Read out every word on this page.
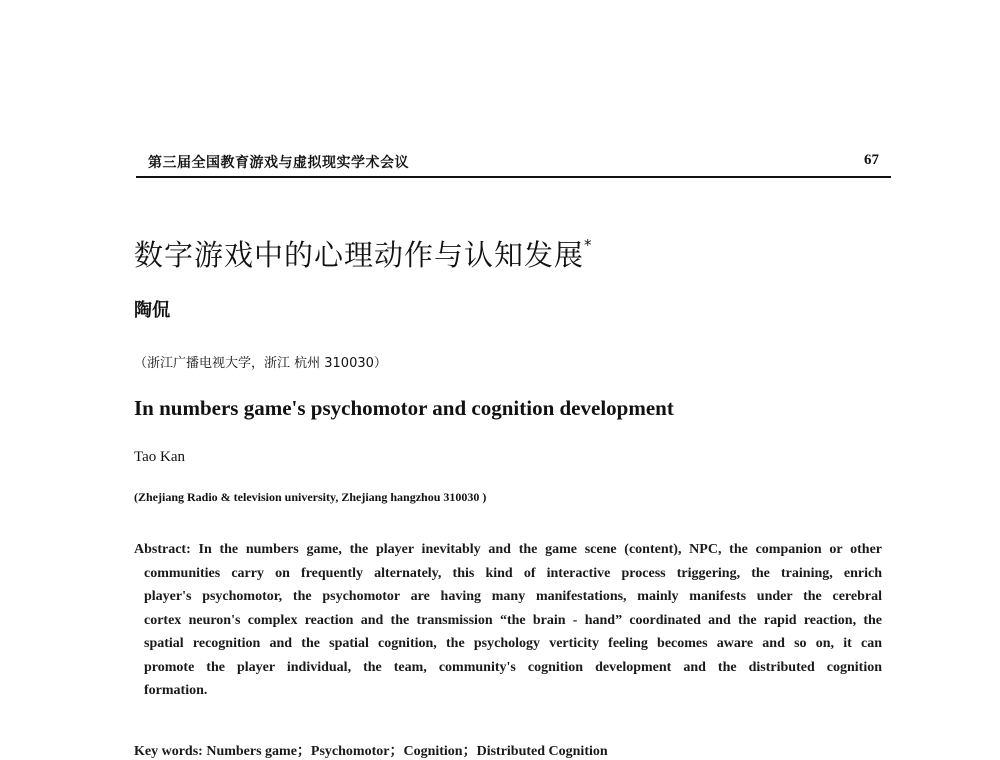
第三届全国教育游戏与虚拟现实学术会议	67
数字游戏中的心理动作与认知发展*
陶侃
（浙江广播电视大学，浙江 杭州 310030）
In numbers game's psychomotor and cognition development
Tao Kan
(Zhejiang Radio & television university, Zhejiang hangzhou 310030 )
Abstract: In the numbers game, the player inevitably and the game scene (content), NPC, the companion or other
communities carry on frequently alternately, this kind of interactive process triggering, the training, enrich
player's psychomotor, the psychomotor are having many manifestations, mainly manifests under the cerebral
cortex neuron's complex reaction and the transmission “the brain - hand” coordinated and the rapid reaction, the
spatial recognition and the spatial cognition, the psychology verticity feeling becomes aware and so on, it can
promote the player individual, the team, community's cognition development and the distributed cognition
formation.
Key words: Numbers game；Psychomotor；Cognition；Distributed Cognition
